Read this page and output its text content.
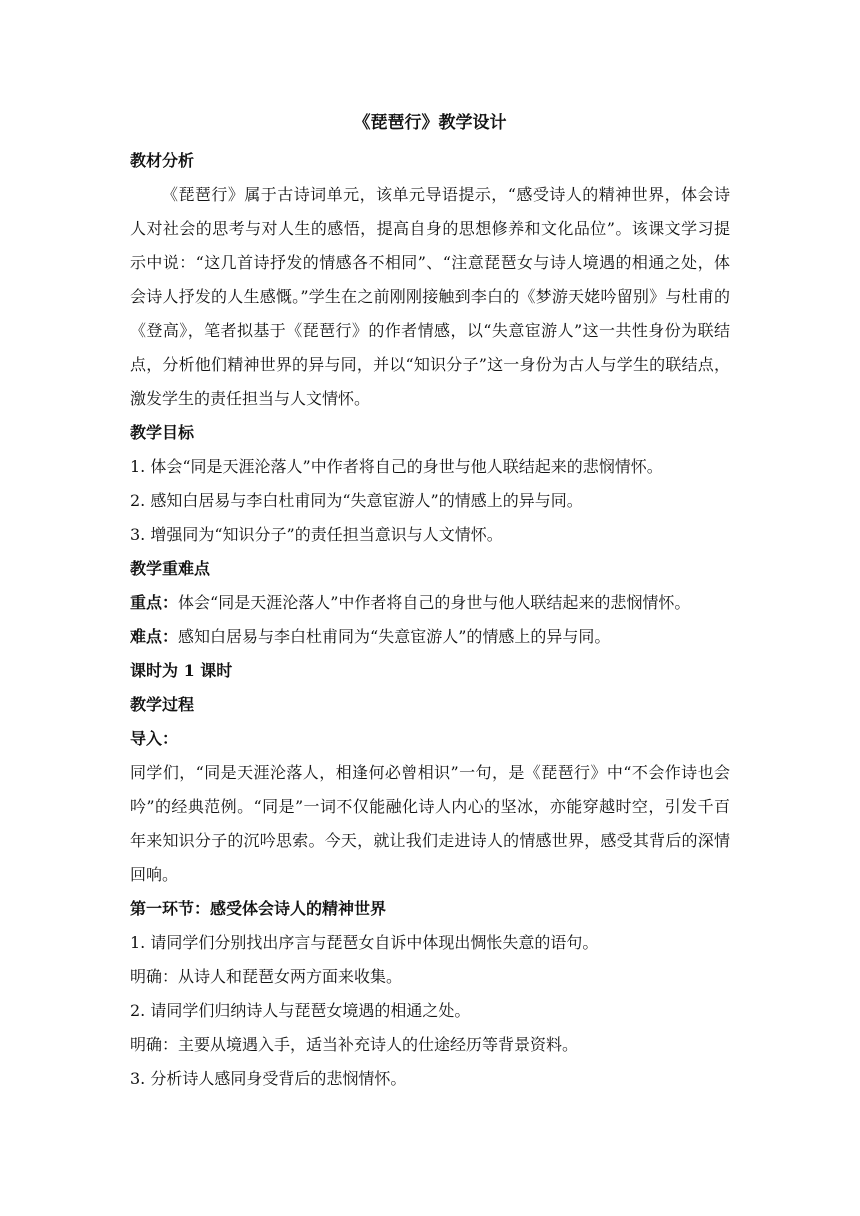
《琵琶行》教学设计

教材分析

《琵琶行》属于古诗词单元，该单元导语提示，“感受诗人的精神世界，体会诗人对社会的思考与对人生的感悟，提高自身的思想修养和文化品位”。该课文学习提示中说：“这几首诗抒发的情感各不相同”、“注意琵琶女与诗人境遇的相通之处，体会诗人抒发的人生感慨。”学生在之前刚刚接触到李白的《梦游天姥吟留别》与杜甫的《登高》，笔者拟基于《琵琶行》的作者情感，以“失意宦游人”这一共性身份为联结点，分析他们精神世界的异与同，并以“知识分子”这一身份为古人与学生的联结点，激发学生的责任担当与人文情怀。

教学目标

1. 体会“同是天涯沦落人”中作者将自己的身世与他人联结起来的悲悯情怀。

2. 感知白居易与李白杜甫同为“失意宦游人”的情感上的异与同。

3. 增强同为“知识分子”的责任担当意识与人文情怀。

教学重难点

重点：体会“同是天涯沦落人”中作者将自己的身世与他人联结起来的悲悯情怀。

难点：感知白居易与李白杜甫同为“失意宦游人”的情感上的异与同。

课时为 1 课时

教学过程

导入：

同学们，“同是天涯沦落人，相逢何必曾相识”一句，是《琵琶行》中“不会作诗也会吟”的经典范例。“同是”一词不仅能融化诗人内心的坚冰，亦能穿越时空，引发千百年来知识分子的沉吟思索。今天，就让我们走进诗人的情感世界，感受其背后的深情回响。

第一环节：感受体会诗人的精神世界

1. 请同学们分别找出序言与琵琶女自诉中体现出惆怅失意的语句。

明确：从诗人和琵琶女两方面来收集。

2. 请同学们归纳诗人与琵琶女境遇的相通之处。

明确：主要从境遇入手，适当补充诗人的仕途经历等背景资料。

3. 分析诗人感同身受背后的悲悯情怀。
